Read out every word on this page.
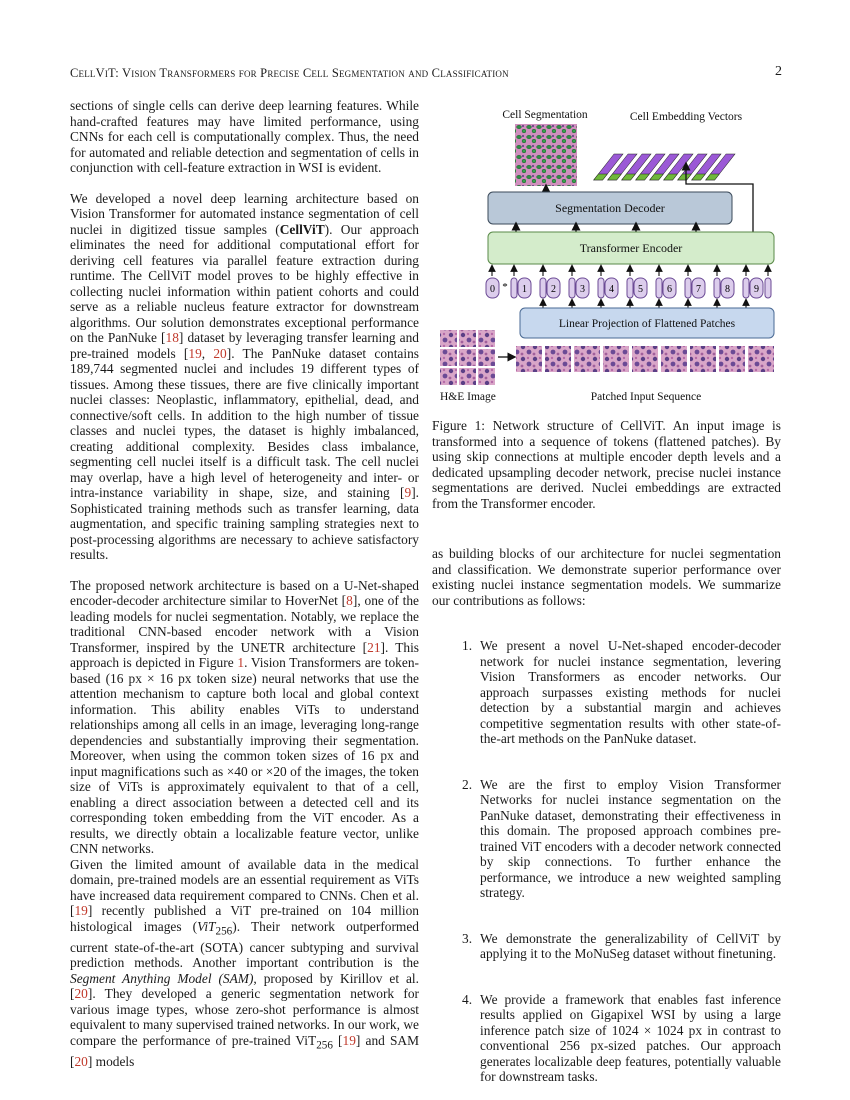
CellViT: Vision Transformers for Precise Cell Segmentation and Classification	2

sections of single cells can derive deep learning features. While hand-crafted features may have limited performance, using CNNs for each cell is computationally complex. Thus, the need for automated and reliable detection and segmentation of cells in conjunction with cell-feature extraction in WSI is evident.

We developed a novel deep learning architecture based on Vision Transformer for automated instance segmentation of cell nuclei in digitized tissue samples (CellViT). Our approach eliminates the need for additional computational effort for deriving cell features via parallel feature extraction during runtime. The CellViT model proves to be highly effective in collecting nuclei information within patient cohorts and could serve as a reliable nucleus feature extractor for downstream algorithms. Our solution demonstrates exceptional performance on the PanNuke [18] dataset by leveraging transfer learning and pre-trained models [19, 20]. The PanNuke dataset contains 189,744 segmented nuclei and includes 19 different types of tissues. Among these tissues, there are five clinically important nuclei classes: Neoplastic, inflammatory, epithelial, dead, and connective/soft cells. In addition to the high number of tissue classes and nuclei types, the dataset is highly imbalanced, creating additional complexity. Besides class imbalance, segmenting cell nuclei itself is a difficult task. The cell nuclei may overlap, have a high level of heterogeneity and inter- or intra-instance variability in shape, size, and staining [9]. Sophisticated training methods such as transfer learning, data augmentation, and specific training sampling strategies next to post-processing algorithms are necessary to achieve satisfactory results.

The proposed network architecture is based on a U-Net-shaped encoder-decoder architecture similar to HoverNet [8], one of the leading models for nuclei segmentation. Notably, we replace the traditional CNN-based encoder network with a Vision Transformer, inspired by the UNETR architecture [21]. This approach is depicted in Figure 1. Vision Transformers are token-based (16 px × 16 px token size) neural networks that use the attention mechanism to capture both local and global context information. This ability enables ViTs to understand relationships among all cells in an image, leveraging long-range dependencies and substantially improving their segmentation. Moreover, when using the common token sizes of 16 px and input magnifications such as ×40 or ×20 of the images, the token size of ViTs is approximately equivalent to that of a cell, enabling a direct association between a detected cell and its corresponding token embedding from the ViT encoder. As a results, we directly obtain a localizable feature vector, unlike CNN networks.

Given the limited amount of available data in the medical domain, pre-trained models are an essential requirement as ViTs have increased data requirement compared to CNNs. Chen et al. [19] recently published a ViT pre-trained on 104 million histological images (ViT$_{256}$). Their network outperformed current state-of-the-art (SOTA) cancer subtyping and survival prediction methods. Another important contribution is the Segment Anything Model (SAM), proposed by Kirillov et al. [20]. They developed a generic segmentation network for various image types, whose zero-shot performance is almost equivalent to many supervised trained networks. In our work, we compare the performance of pre-trained ViT$_{256}$ [19] and SAM [20] models

Cell Segmentation	Cell Embedding Vectors
Segmentation Decoder
Transformer Encoder
0 * 1 2 3 4 5 6 7 8 9
Linear Projection of Flattened Patches
H&E Image	Patched Input Sequence
Figure 1: Network structure of CellViT. An input image is transformed into a sequence of tokens (flattened patches). By using skip connections at multiple encoder depth levels and a dedicated upsampling decoder network, precise nuclei instance segmentations are derived. Nuclei embeddings are extracted from the Transformer encoder.

as building blocks of our architecture for nuclei segmentation and classification. We demonstrate superior performance over existing nuclei instance segmentation models. We summarize our contributions as follows:

1. We present a novel U-Net-shaped encoder-decoder network for nuclei instance segmentation, levering Vision Transformers as encoder networks. Our approach surpasses existing methods for nuclei detection by a substantial margin and achieves competitive segmentation results with other state-of-the-art methods on the PanNuke dataset.
2. We are the first to employ Vision Transformer Networks for nuclei instance segmentation on the PanNuke dataset, demonstrating their effectiveness in this domain. The proposed approach combines pre-trained ViT encoders with a decoder network connected by skip connections. To further enhance the performance, we introduce a new weighted sampling strategy.
3. We demonstrate the generalizability of CellViT by applying it to the MoNuSeg dataset without finetuning.
4. We provide a framework that enables fast inference results applied on Gigapixel WSI by using a large inference patch size of 1024 × 1024 px in contrast to conventional 256 px-sized patches. Our approach generates localizable deep features, potentially valuable for downstream tasks.
